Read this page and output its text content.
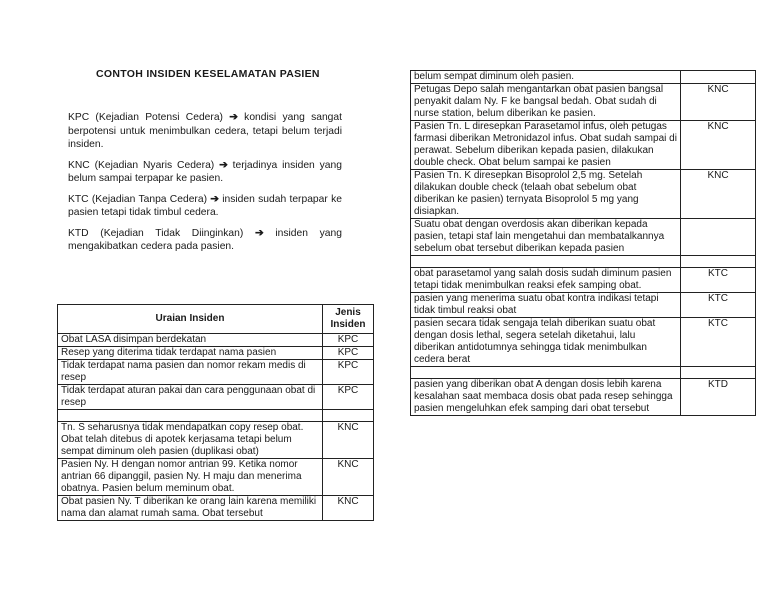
CONTOH INSIDEN KESELAMATAN PASIEN

KPC (Kejadian Potensi Cedera) ➔ kondisi yang sangat berpotensi untuk menimbulkan cedera, tetapi belum terjadi insiden.

KNC (Kejadian Nyaris Cedera) ➔ terjadinya insiden yang belum sampai terpapar ke pasien.

KTC (Kejadian Tanpa Cedera) ➔ insiden sudah terpapar ke pasien tetapi tidak timbul cedera.

KTD (Kejadian Tidak Diinginkan) ➔ insiden yang mengakibatkan cedera pada pasien.

Uraian Insiden	Jenis Insiden
Obat LASA disimpan berdekatan	KPC
Resep yang diterima tidak terdapat nama pasien	KPC
Tidak terdapat nama pasien dan nomor rekam medis di resep	KPC
Tidak terdapat aturan pakai dan cara penggunaan obat di resep	KPC

Tn. S seharusnya tidak mendapatkan copy resep obat. Obat telah ditebus di apotek kerjasama tetapi belum sempat diminum oleh pasien (duplikasi obat)	KNC
Pasien Ny. H dengan nomor antrian 99. Ketika nomor antrian 66 dipanggil, pasien Ny. H maju dan menerima obatnya. Pasien belum meminum obat.	KNC
Obat pasien Ny. T diberikan ke orang lain karena memiliki nama dan alamat rumah sama. Obat tersebut	KNC
belum sempat diminum oleh pasien.	
Petugas Depo salah mengantarkan obat pasien bangsal penyakit dalam Ny. F ke bangsal bedah. Obat sudah di nurse station, belum diberikan ke pasien.	KNC
Pasien Tn. L diresepkan Parasetamol infus, oleh petugas farmasi diberikan Metronidazol infus. Obat sudah sampai di perawat. Sebelum diberikan kepada pasien, dilakukan double check. Obat belum sampai ke pasien	KNC
Pasien Tn. K diresepkan Bisoprolol 2,5 mg. Setelah dilakukan double check (telaah obat sebelum obat diberikan ke pasien) ternyata Bisoprolol 5 mg yang disiapkan.	KNC
Suatu obat dengan overdosis akan diberikan kepada pasien, tetapi staf lain mengetahui dan membatalkannya sebelum obat tersebut diberikan kepada pasien	

obat parasetamol yang salah dosis sudah diminum pasien tetapi tidak menimbulkan reaksi efek samping obat.	KTC
pasien yang menerima suatu obat kontra indikasi tetapi tidak timbul reaksi obat	KTC
pasien secara tidak sengaja telah diberikan suatu obat dengan dosis lethal, segera setelah diketahui, lalu diberikan antidotumnya sehingga tidak menimbulkan cedera berat	KTC

pasien yang diberikan obat A dengan dosis lebih karena kesalahan saat membaca dosis obat pada resep sehingga pasien mengeluhkan efek samping dari obat tersebut	KTD
